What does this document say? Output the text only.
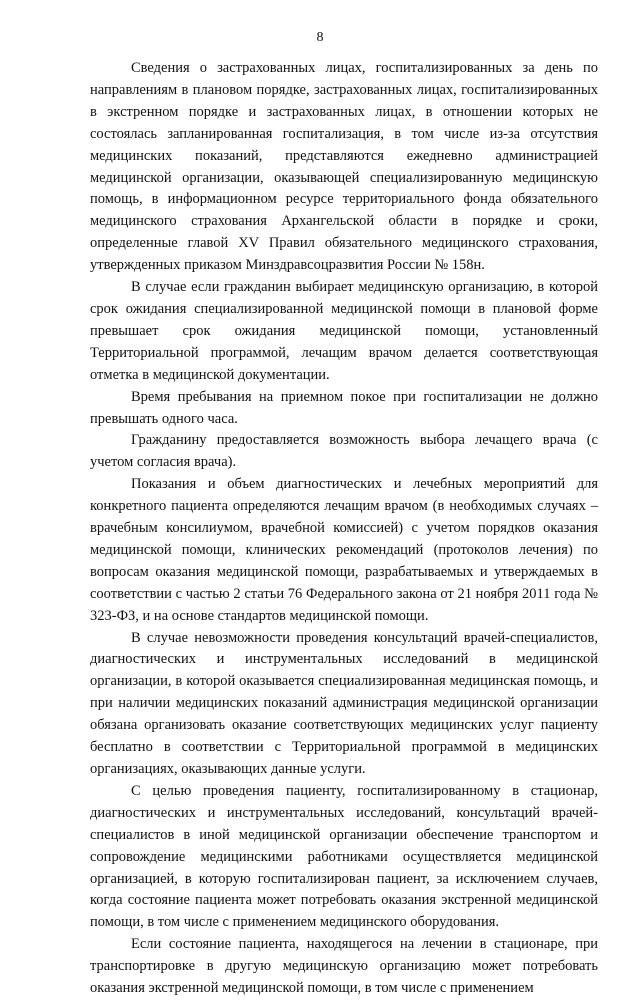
8

Сведения о застрахованных лицах, госпитализированных за день по направлениям в плановом порядке, застрахованных лицах, госпитализированных в экстренном порядке и застрахованных лицах, в отношении которых не состоялась запланированная госпитализация, в том числе из-за отсутствия медицинских показаний, представляются ежедневно администрацией медицинской организации, оказывающей специализированную медицинскую помощь, в информационном ресурсе территориального фонда обязательного медицинского страхования Архангельской области в порядке и сроки, определенные главой XV Правил обязательного медицинского страхования, утвержденных приказом Минздравсоцразвития России № 158н.

В случае если гражданин выбирает медицинскую организацию, в которой срок ожидания специализированной медицинской помощи в плановой форме превышает срок ожидания медицинской помощи, установленный Территориальной программой, лечащим врачом делается соответствующая отметка в медицинской документации.

Время пребывания на приемном покое при госпитализации не должно превышать одного часа.

Гражданину предоставляется возможность выбора лечащего врача (с учетом согласия врача).

Показания и объем диагностических и лечебных мероприятий для конкретного пациента определяются лечащим врачом (в необходимых случаях – врачебным консилиумом, врачебной комиссией) с учетом порядков оказания медицинской помощи, клинических рекомендаций (протоколов лечения) по вопросам оказания медицинской помощи, разрабатываемых и утверждаемых в соответствии с частью 2 статьи 76 Федерального закона от 21 ноября 2011 года № 323-ФЗ, и на основе стандартов медицинской помощи.

В случае невозможности проведения консультаций врачей-специалистов, диагностических и инструментальных исследований в медицинской организации, в которой оказывается специализированная медицинская помощь, и при наличии медицинских показаний администрация медицинской организации обязана организовать оказание соответствующих медицинских услуг пациенту бесплатно в соответствии с Территориальной программой в медицинских организациях, оказывающих данные услуги.

С целью проведения пациенту, госпитализированному в стационар, диагностических и инструментальных исследований, консультаций врачей-специалистов в иной медицинской организации обеспечение транспортом и сопровождение медицинскими работниками осуществляется медицинской организацией, в которую госпитализирован пациент, за исключением случаев, когда состояние пациента может потребовать оказания экстренной медицинской помощи, в том числе с применением медицинского оборудования.

Если состояние пациента, находящегося на лечении в стационаре, при транспортировке в другую медицинскую организацию может потребовать оказания экстренной медицинской помощи, в том числе с применением
